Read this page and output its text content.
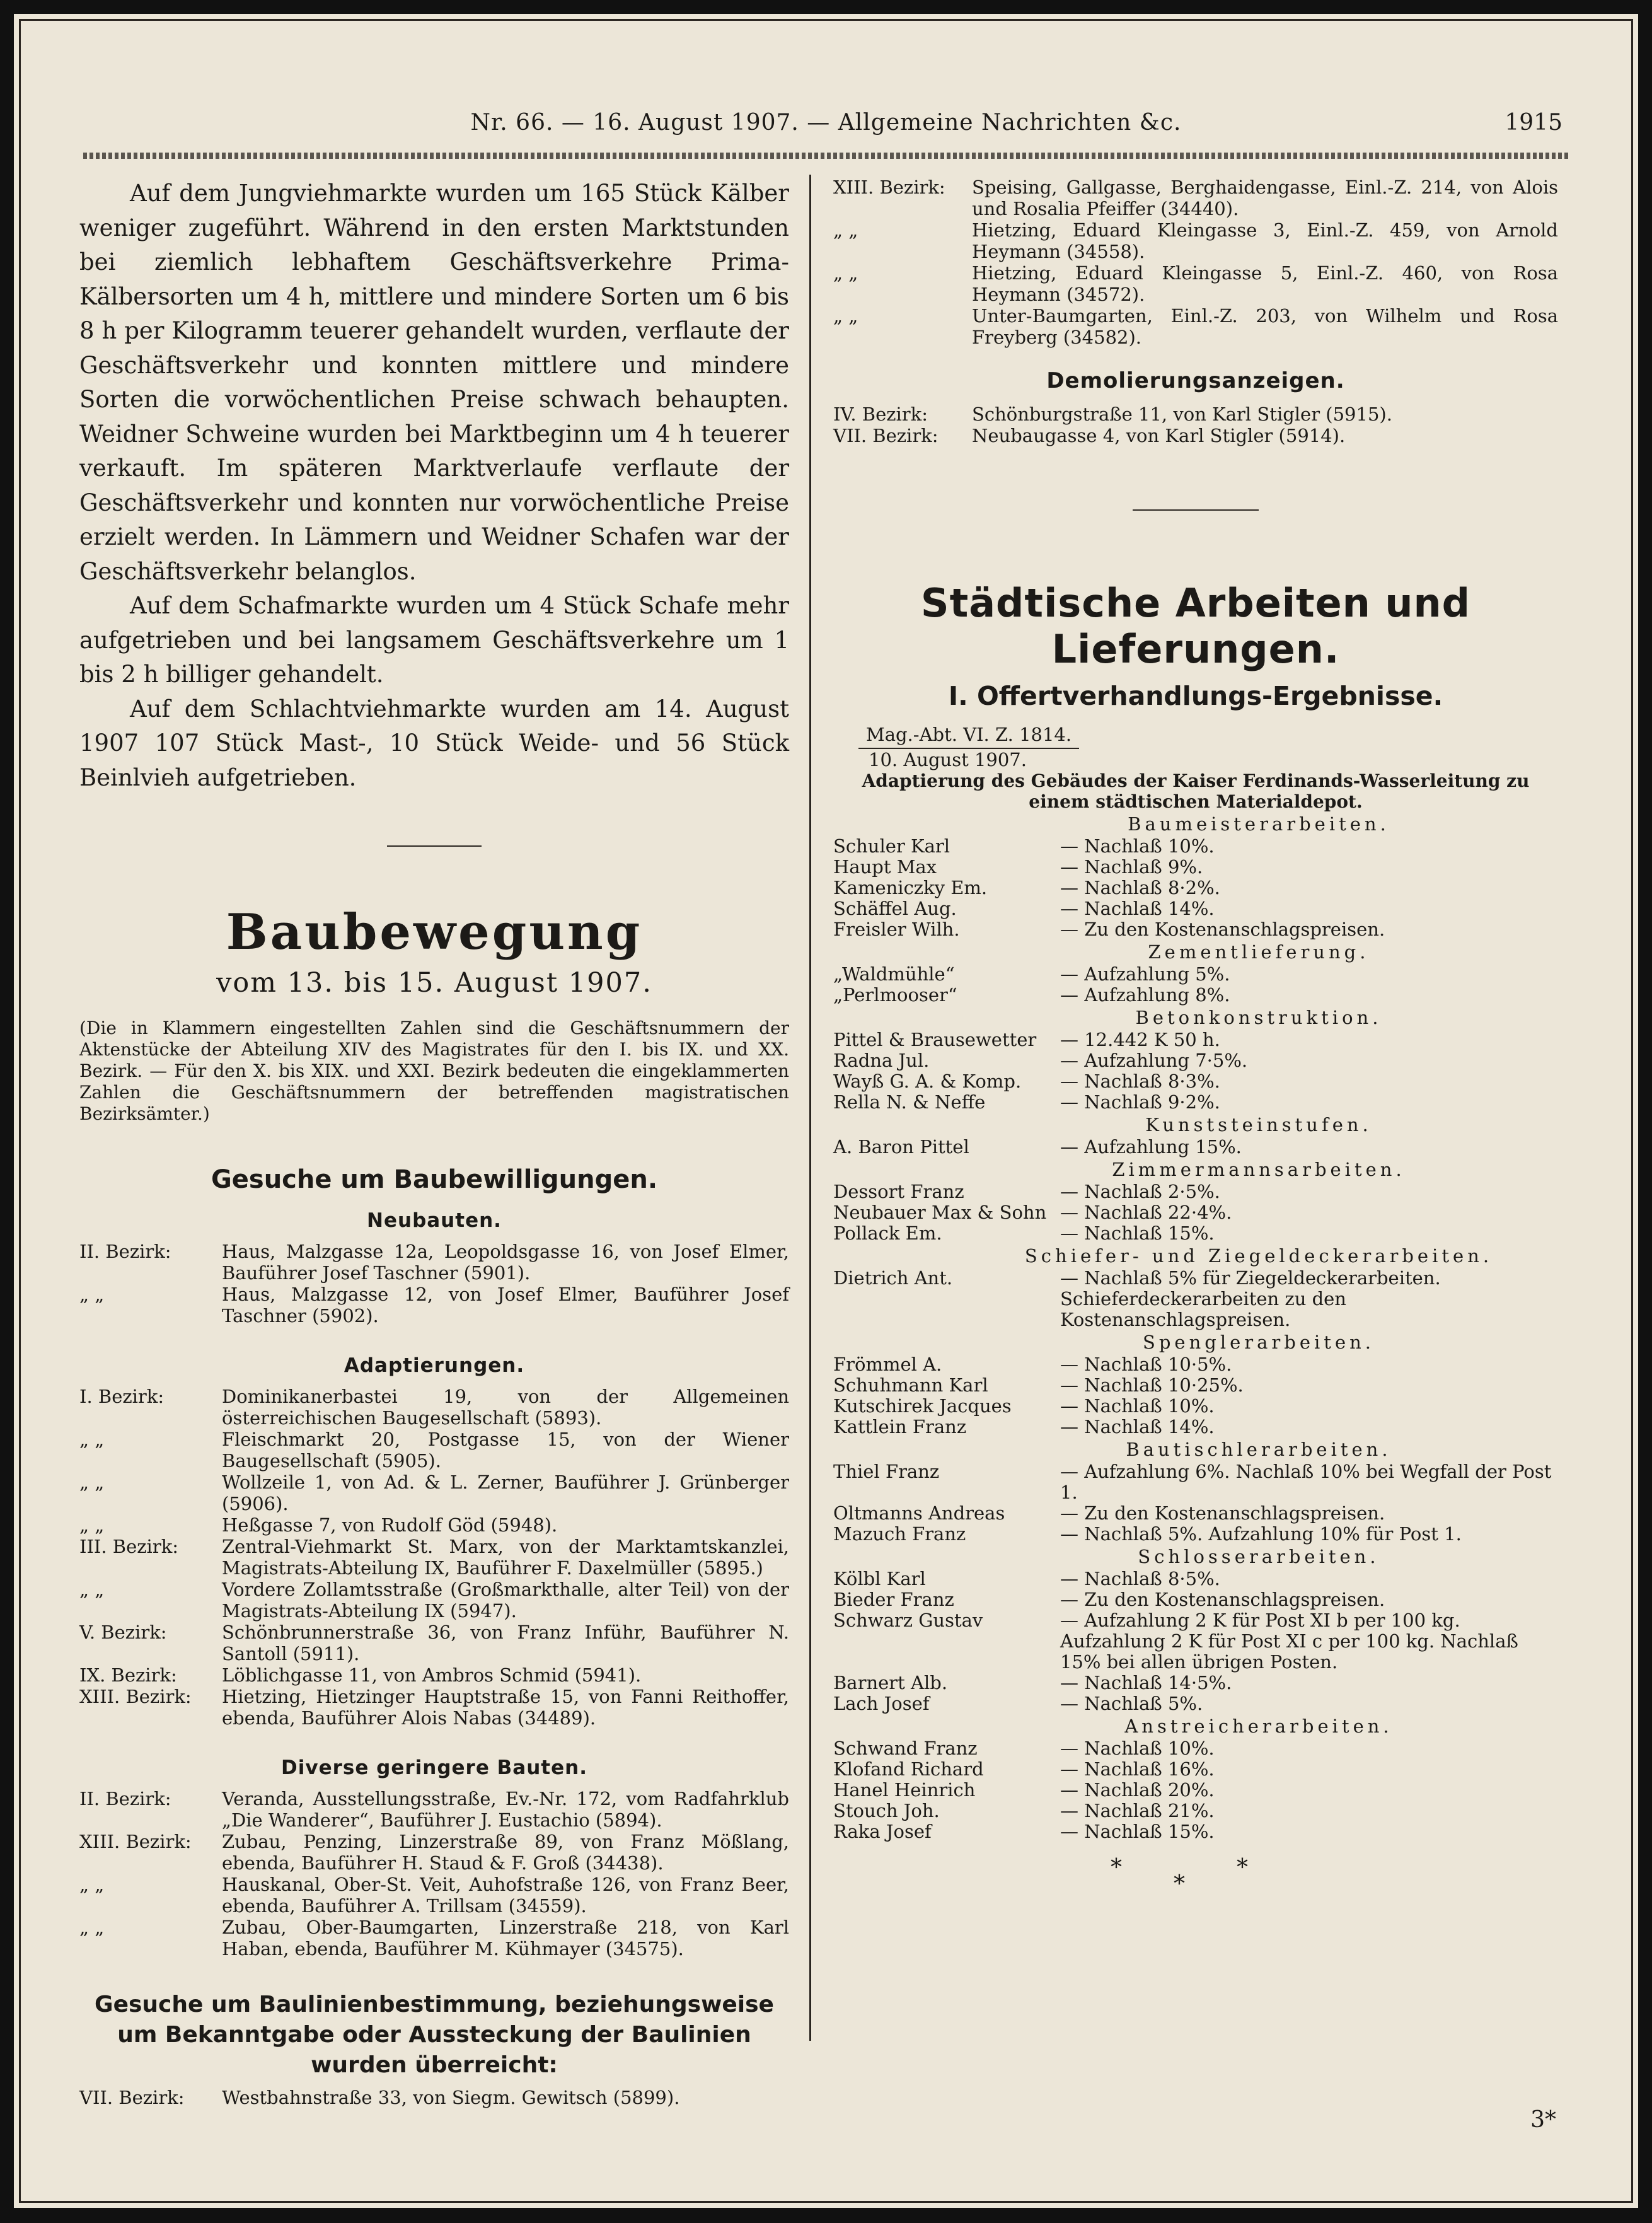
Nr. 66. — 16. August 1907. — Allgemeine Nachrichten &c.	1915

Auf dem Jungviehmarkte wurden um 165 Stück Kälber weniger zugeführt. Während in den ersten Marktstunden bei ziemlich lebhaftem Geschäftsverkehre Prima-Kälbersorten um 4 h, mittlere und mindere Sorten um 6 bis 8 h per Kilogramm teuerer gehandelt wurden, verflaute der Geschäftsverkehr und konnten mittlere und mindere Sorten die vorwöchentlichen Preise schwach behaupten. Weidner Schweine wurden bei Marktbeginn um 4 h teuerer verkauft. Im späteren Marktverlaufe verflaute der Geschäftsverkehr und konnten nur vorwöchentliche Preise erzielt werden. In Lämmern und Weidner Schafen war der Geschäftsverkehr belanglos.

Auf dem Schafmarkte wurden um 4 Stück Schafe mehr aufgetrieben und bei langsamem Geschäftsverkehre um 1 bis 2 h billiger gehandelt.

Auf dem Schlachtviehmarkte wurden am 14. August 1907 107 Stück Mast-, 10 Stück Weide- und 56 Stück Beinlvieh aufgetrieben.

Baubewegung
vom 13. bis 15. August 1907.
(Die in Klammern eingestellten Zahlen sind die Geschäftsnummern der Aktenstücke der Abteilung XIV des Magistrates für den I. bis IX. und XX. Bezirk. — Für den X. bis XIX. und XXI. Bezirk bedeuten die eingeklammerten Zahlen die Geschäftsnummern der betreffenden magistratischen Bezirksämter.)
Gesuche um Baubewilligungen.
Neubauten.
II. Bezirk:	Haus, Malzgasse 12a, Leopoldsgasse 16, von Josef Elmer, Bauführer Josef Taschner (5901).
„ „	Haus, Malzgasse 12, von Josef Elmer, Bauführer Josef Taschner (5902).
Adaptierungen.
I. Bezirk:	Dominikanerbastei 19, von der Allgemeinen österreichischen Baugesellschaft (5893).
„ „	Fleischmarkt 20, Postgasse 15, von der Wiener Baugesellschaft (5905).
„ „	Wollzeile 1, von Ad. & L. Zerner, Bauführer J. Grünberger (5906).
„ „	Heßgasse 7, von Rudolf Göd (5948).
III. Bezirk:	Zentral-Viehmarkt St. Marx, von der Marktamtskanzlei, Magistrats-Abteilung IX, Bauführer F. Daxelmüller (5895.)
„ „	Vordere Zollamtsstraße (Großmarkthalle, alter Teil) von der Magistrats-Abteilung IX (5947).
V. Bezirk:	Schönbrunnerstraße 36, von Franz Inführ, Bauführer N. Santoll (5911).
IX. Bezirk:	Löblichgasse 11, von Ambros Schmid (5941).
XIII. Bezirk:	Hietzing, Hietzinger Hauptstraße 15, von Fanni Reithoffer, ebenda, Bauführer Alois Nabas (34489).
Diverse geringere Bauten.
II. Bezirk:	Veranda, Ausstellungsstraße, Ev.-Nr. 172, vom Radfahrklub „Die Wanderer“, Bauführer J. Eustachio (5894).
XIII. Bezirk:	Zubau, Penzing, Linzerstraße 89, von Franz Mößlang, ebenda, Bauführer H. Staud & F. Groß (34438).
„ „	Hauskanal, Ober-St. Veit, Auhofstraße 126, von Franz Beer, ebenda, Bauführer A. Trillsam (34559).
„ „	Zubau, Ober-Baumgarten, Linzerstraße 218, von Karl Haban, ebenda, Bauführer M. Kühmayer (34575).
Gesuche um Baulinienbestimmung, beziehungsweise um Bekanntgabe oder Aussteckung der Baulinien wurden überreicht:
VII. Bezirk:	Westbahnstraße 33, von Siegm. Gewitsch (5899).
XIII. Bezirk:	Speising, Gallgasse, Berghaidengasse, Einl.-Z. 214, von Alois und Rosalia Pfeiffer (34440).
„ „	Hietzing, Eduard Kleingasse 3, Einl.-Z. 459, von Arnold Heymann (34558).
„ „	Hietzing, Eduard Kleingasse 5, Einl.-Z. 460, von Rosa Heymann (34572).
„ „	Unter-Baumgarten, Einl.-Z. 203, von Wilhelm und Rosa Freyberg (34582).
Demolierungsanzeigen.
IV. Bezirk:	Schönburgstraße 11, von Karl Stigler (5915).
VII. Bezirk:	Neubaugasse 4, von Karl Stigler (5914).
Städtische Arbeiten und Lieferungen.
I. Offertverhandlungs-Ergebnisse.
Mag.-Abt. VI. Z. 1814.
10. August 1907.
Adaptierung des Gebäudes der Kaiser Ferdinands-Wasserleitung zu einem städtischen Materialdepot.
Baumeisterarbeiten.
Schuler Karl	— Nachlaß 10%.
Haupt Max	— Nachlaß 9%.
Kameniczky Em.	— Nachlaß 8·2%.
Schäffel Aug.	— Nachlaß 14%.
Freisler Wilh.	— Zu den Kostenanschlagspreisen.
Zementlieferung.
„Waldmühle“	— Aufzahlung 5%.
„Perlmooser“	— Aufzahlung 8%.
Betonkonstruktion.
Pittel & Brausewetter	— 12.442 K 50 h.
Radna Jul.	— Aufzahlung 7·5%.
Wayß G. A. & Komp.	— Nachlaß 8·3%.
Rella N. & Neffe	— Nachlaß 9·2%.
Kunststeinstufen.
A. Baron Pittel	— Aufzahlung 15%.
Zimmermannsarbeiten.
Dessort Franz	— Nachlaß 2·5%.
Neubauer Max & Sohn — Nachlaß 22·4%.
Pollack Em.	— Nachlaß 15%.
Schiefer- und Ziegeldeckerarbeiten.
Dietrich Ant.	— Nachlaß 5% für Ziegeldeckerarbeiten. Schieferdeckerarbeiten zu den Kostenanschlagspreisen.
Spenglerarbeiten.
Frömmel A.	— Nachlaß 10·5%.
Schuhmann Karl	— Nachlaß 10·25%.
Kutschirek Jacques	— Nachlaß 10%.
Kattlein Franz	— Nachlaß 14%.
Bautischlerarbeiten.
Thiel Franz	— Aufzahlung 6%. Nachlaß 10% bei Wegfall der Post 1.
Oltmanns Andreas	— Zu den Kostenanschlagspreisen.
Mazuch Franz	— Nachlaß 5%. Aufzahlung 10% für Post 1.
Schlosserarbeiten.
Kölbl Karl	— Nachlaß 8·5%.
Bieder Franz	— Zu den Kostenanschlagspreisen.
Schwarz Gustav	— Aufzahlung 2 K für Post XI b per 100 kg. Aufzahlung 2 K für Post XI c per 100 kg. Nachlaß 15% bei allen übrigen Posten.
Barnert Alb.	— Nachlaß 14·5%.
Lach Josef	— Nachlaß 5%.
Anstreicherarbeiten.
Schwand Franz	— Nachlaß 10%.
Klofand Richard	— Nachlaß 16%.
Hanel Heinrich	— Nachlaß 20%.
Stouch Joh.	— Nachlaß 21%.
Raka Josef	— Nachlaß 15%.
*	*
*
3*
